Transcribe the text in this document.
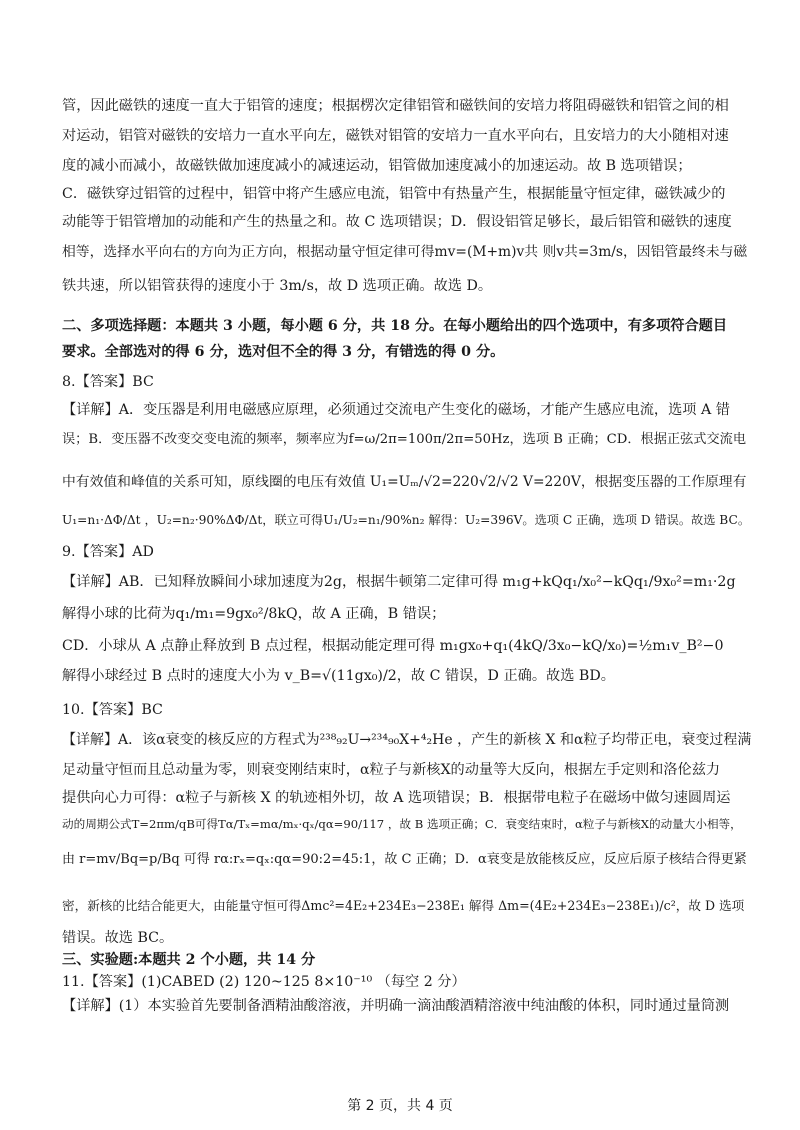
管，因此磁铁的速度一直大于铝管的速度；根据楞次定律铝管和磁铁间的安培力将阻碍磁铁和铝管之间的相
对运动，铝管对磁铁的安培力一直水平向左，磁铁对铝管的安培力一直水平向右，且安培力的大小随相对速
度的减小而减小，故磁铁做加速度减小的减速运动，铝管做加速度减小的加速运动。故 B 选项错误；
C．磁铁穿过铝管的过程中，铝管中将产生感应电流，铝管中有热量产生，根据能量守恒定律，磁铁减少的
动能等于铝管增加的动能和产生的热量之和。故 C 选项错误；D．假设铝管足够长，最后铝管和磁铁的速度
相等，选择水平向右的方向为正方向，根据动量守恒定律可得mv=(M+m)v共 则v共=3m/s，因铝管最终未与磁
铁共速，所以铝管获得的速度小于 3m/s，故 D 选项正确。故选 D。
二、多项选择题：本题共 3 小题，每小题 6 分，共 18 分。在每小题给出的四个选项中，有多项符合题目
要求。全部选对的得 6 分，选对但不全的得 3 分，有错选的得 0 分。
8.【答案】BC
【详解】A．变压器是利用电磁感应原理，必须通过交流电产生变化的磁场，才能产生感应电流，选项 A 错
误；B．变压器不改变交变电流的频率，频率应为f=ω/2π=100π/2π=50Hz，选项 B 正确；CD．根据正弦式交流电
中有效值和峰值的关系可知，原线圈的电压有效值 U₁=Uₘ/√2=220√2/√2 V=220V，根据变压器的工作原理有
U₁=n₁·ΔΦ/Δt ，U₂=n₂·90%ΔΦ/Δt，联立可得U₁/U₂=n₁/90%n₂ 解得：U₂=396V。选项 C 正确，选项 D 错误。故选 BC。
9.【答案】AD
【详解】AB．已知释放瞬间小球加速度为2g，根据牛顿第二定律可得 m₁g+kQq₁/x₀²−kQq₁/9x₀²=m₁·2g
解得小球的比荷为q₁/m₁=9gx₀²/8kQ，故 A 正确，B 错误；
CD．小球从 A 点静止释放到 B 点过程，根据动能定理可得 m₁gx₀+q₁(4kQ/3x₀−kQ/x₀)=½m₁v_B²−0
解得小球经过 B 点时的速度大小为 v_B=√(11gx₀)/2，故 C 错误，D 正确。故选 BD。
10.【答案】BC
【详解】A．该α衰变的核反应的方程式为²³⁸₉₂U→²³⁴₉₀X+⁴₂He ，产生的新核 X 和α粒子均带正电，衰变过程满
足动量守恒而且总动量为零，则衰变刚结束时，α粒子与新核X的动量等大反向，根据左手定则和洛伦兹力
提供向心力可得：α粒子与新核 X 的轨迹相外切，故 A 选项错误；B．根据带电粒子在磁场中做匀速圆周运
动的周期公式T=2πm/qB可得Tα/Tₓ=mα/mₓ·qₓ/qα=90/117 ，故 B 选项正确；C．衰变结束时，α粒子与新核X的动量大小相等，
由 r=mv/Bq=p/Bq 可得 rα:rₓ=qₓ:qα=90:2=45:1，故 C 正确；D．α衰变是放能核反应，反应后原子核结合得更紧
密，新核的比结合能更大，由能量守恒可得Δmc²=4E₂+234E₃−238E₁ 解得 Δm=(4E₂+234E₃−238E₁)/c²，故 D 选项
错误。故选 BC。
三、实验题:本题共 2 个小题，共 14 分
11.【答案】(1)CABED (2) 120~125 8×10⁻¹⁰ （每空 2 分）
【详解】(1）本实验首先要制备酒精油酸溶液，并明确一滴油酸酒精溶液中纯油酸的体积，同时通过量筒测
第 2 页，共 4 页
